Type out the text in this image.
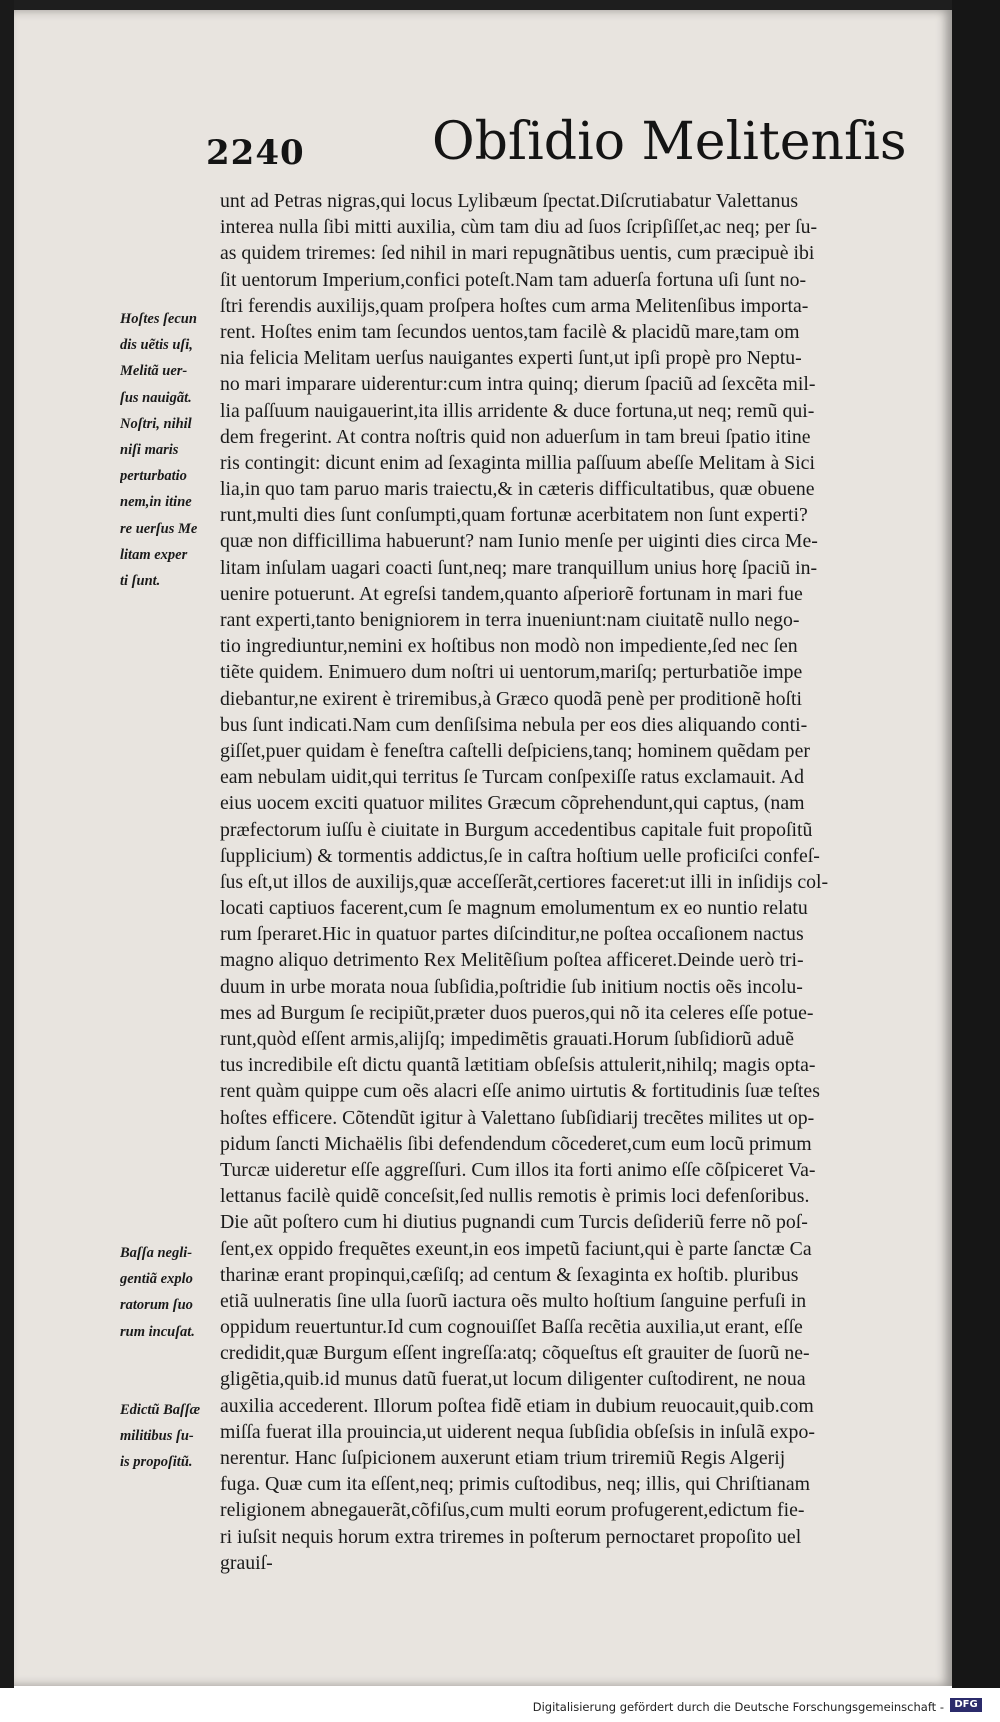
2240 Obſidio Melitenſis
unt ad Petras nigras,qui locus Lylibæum ſpectat.Diſcrutiabatur Valettanus
interea nulla ſibi mitti auxilia, cùm tam diu ad ſuos ſcripſiſſet,ac neq; per ſu-
as quidem triremes: ſed nihil in mari repugnãtibus uentis, cum præcipuè ibi
ſit uentorum Imperium,confici poteſt.Nam tam aduerſa fortuna uſi ſunt no-
ſtri ferendis auxilijs,quam proſpera hoſtes cum arma Melitenſibus importa-
rent. Hoſtes enim tam ſecundos uentos,tam facilè & placidũ mare,tam om
nia felicia Melitam uerſus nauigantes experti ſunt,ut ipſi propè pro Neptu-
no mari imparare uiderentur:cum intra quinq; dierum ſpaciũ ad ſexcẽta mil-
lia paſſuum nauigauerint,ita illis arridente & duce fortuna,ut neq; remũ qui-
dem fregerint. At contra noſtris quid non aduerſum in tam breui ſpatio itine
ris contingit: dicunt enim ad ſexaginta millia paſſuum abeſſe Melitam à Sici
lia,in quo tam paruo maris traiectu,& in cæteris difficultatibus, quæ obuene
runt,multi dies ſunt conſumpti,quam fortunæ acerbitatem non ſunt experti?
quæ non difficillima habuerunt? nam Iunio menſe per uiginti dies circa Me-
litam inſulam uagari coacti ſunt,neq; mare tranquillum unius horę ſpaciũ in-
uenire potuerunt. At egreſsi tandem,quanto aſperiorẽ fortunam in mari fue
rant experti,tanto benigniorem in terra inueniunt:nam ciuitatẽ nullo nego-
tio ingrediuntur,nemini ex hoſtibus non modò non impediente,ſed nec ſen
tiẽte quidem. Enimuero dum noſtri ui uentorum,mariſq; perturbatiõe impe
diebantur,ne exirent è triremibus,à Græco quodã penè per proditionẽ hoſti
bus ſunt indicati.Nam cum denſiſsima nebula per eos dies aliquando conti-
giſſet,puer quidam è feneſtra caſtelli deſpiciens,tanq; hominem quẽdam per
eam nebulam uidit,qui territus ſe Turcam conſpexiſſe ratus exclamauit. Ad
eius uocem exciti quatuor milites Græcum cõprehendunt,qui captus, (nam
præfectorum iuſſu è ciuitate in Burgum accedentibus capitale fuit propoſitũ
ſupplicium) & tormentis addictus,ſe in caſtra hoſtium uelle proficiſci confeſ-
ſus eſt,ut illos de auxilijs,quæ acceſſerãt,certiores faceret:ut illi in inſidijs col-
locati captiuos facerent,cum ſe magnum emolumentum ex eo nuntio relatu
rum ſperaret.Hic in quatuor partes diſcinditur,ne poſtea occaſionem nactus
magno aliquo detrimento Rex Melitẽſium poſtea afficeret.Deinde uerò tri-
duum in urbe morata noua ſubſidia,poſtridie ſub initium noctis oẽs incolu-
mes ad Burgum ſe recipiũt,præter duos pueros,qui nõ ita celeres eſſe potue-
runt,quòd eſſent armis,alijſq; impedimẽtis grauati.Horum ſubſidiorũ aduẽ
tus incredibile eſt dictu quantã lætitiam obſeſsis attulerit,nihilq; magis opta-
rent quàm quippe cum oẽs alacri eſſe animo uirtutis & fortitudinis ſuæ teſtes
hoſtes efficere. Cõtendũt igitur à Valettano ſubſidiarij trecẽtes milites ut op-
pidum ſancti Michaëlis ſibi defendendum cõcederet,cum eum locũ primum
Turcæ uideretur eſſe aggreſſuri. Cum illos ita forti animo eſſe cõſpiceret Va-
lettanus facilè quidẽ conceſsit,ſed nullis remotis è primis loci defenſoribus.
Die aũt poſtero cum hi diutius pugnandi cum Turcis deſideriũ ferre nõ poſ-
ſent,ex oppido frequẽtes exeunt,in eos impetũ faciunt,qui è parte ſanctæ Ca
tharinæ erant propinqui,cæſiſq; ad centum & ſexaginta ex hoſtib. pluribus
etiã uulneratis ſine ulla ſuorũ iactura oẽs multo hoſtium ſanguine perfuſi in
oppidum reuertuntur.Id cum cognouiſſet Baſſa recẽtia auxilia,ut erant, eſſe
credidit,quæ Burgum eſſent ingreſſa:atq; cõqueſtus eſt grauiter de ſuorũ ne-
gligẽtia,quib.id munus datũ fuerat,ut locum diligenter cuſtodirent, ne noua
auxilia accederent. Illorum poſtea fidẽ etiam in dubium reuocauit,quib.com
miſſa fuerat illa prouincia,ut uiderent nequa ſubſidia obſeſsis in inſulã expo-
nerentur. Hanc ſuſpicionem auxerunt etiam trium triremiũ Regis Algerij
fuga. Quæ cum ita eſſent,neq; primis cuſtodibus, neq; illis, qui Chriſtianam
religionem abnegauerãt,cõfiſus,cum multi eorum profugerent,edictum fie-
ri iuſsit nequis horum extra triremes in poſterum pernoctaret propoſito uel
grauiſ-
Hoſtes ſecun
dis uẽtis uſi,
Melitã uer-
ſus nauigãt.
Noſtri, nihil
niſi maris
perturbatio
nem,in itine
re uerſus Me
litam exper
ti ſunt.
Baſſa negli-
gentiã explo
ratorum ſuo
rum incuſat.
Edictũ Baſſæ
militibus ſu-
is propoſitũ.
Digitalisierung gefördert durch die Deutsche Forschungsgemeinschaft -	DFG
